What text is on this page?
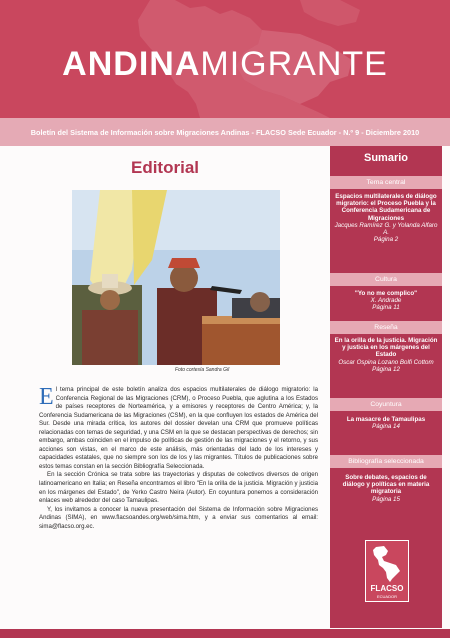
ANDINAMIGRANTE
Boletín del Sistema de Información sobre Migraciones Andinas - FLACSO Sede Ecuador - N.º 9 - Diciembre 2010
Editorial
Foto cortesía Sandra Gil

El tema principal de este boletín analiza dos espacios multilaterales de diálogo migratorio: la Conferencia Regional de las Migraciones (CRM), o Proceso Puebla, que aglutina a los Estados de países receptores de Norteamérica, y a emisores y receptores de Centro América; y, la Conferencia Sudamericana de las Migraciones (CSM), en la que confluyen los estados de América del Sur. Desde una mirada crítica, los autores del dossier develan una CRM que promueve políticas relacionadas con temas de seguridad, y una CSM en la que se destacan perspectivas de derechos; sin embargo, ambas coinciden en el impulso de políticas de gestión de las migraciones y el retorno, y sus acciones son vistas, en el marco de este análisis, más orientadas del lado de los intereses y capacidades estatales, que no siempre son los de los y las migrantes. Títulos de publicaciones sobre estos temas constan en la sección Bibliografía Seleccionada.

En la sección Crónica se trata sobre las trayectorias y disputas de colectivos diversos de origen latinoamericano en Italia; en Reseña encontramos el libro "En la orilla de la justicia. Migración y justicia en los márgenes del Estado", de Yerko Castro Neira (Autor). En coyuntura ponemos a consideración enlaces web alrededor del caso Tamaulipas.

Y, los invitamos a conocer la nueva presentación del Sistema de Información sobre Migraciones Andinas (SIMA), en www.flacsoandes.org/web/sima.htm, y a enviar sus comentarios al email: sima@flacso.org.ec.

Sumario
Tema central
Espacios multilaterales de diálogo migratorio: el Proceso Puebla y la Conferencia Sudamericana de Migraciones
Jacques Ramírez G. y Yolanda Alfaro A.
Página 2
Cultura
"Yo no me complico"
X. Andrade
Página 11
Reseña
En la orilla de la justicia. Migración y justicia en los márgenes del Estado
Oscar Ospina Lozano Bolfi Cottom
Página 12
Coyuntura
La masacre de Tamaulipas
Página 14
Bibliografía seleccionada
Sobre debates, espacios de diálogo y políticas en materia migratoria
Página 15
FLACSO
ECUADOR
